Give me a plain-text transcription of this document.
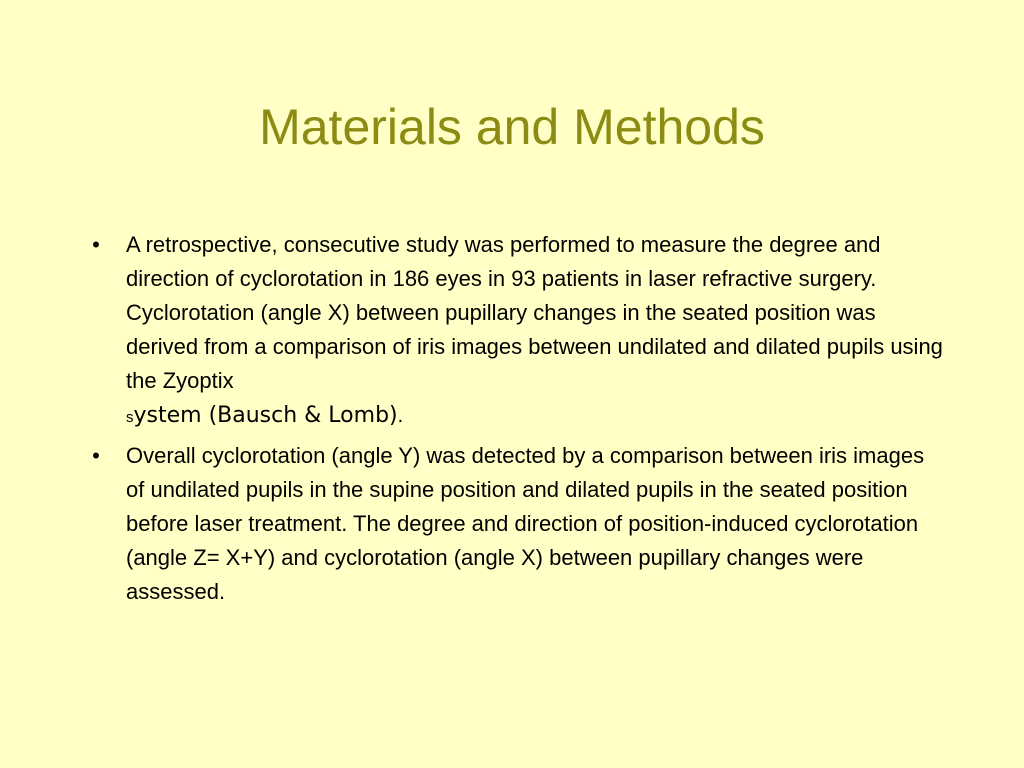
Materials and Methods
• A retrospective, consecutive study was performed to measure the degree and direction of cyclorotation in 186 eyes in 93 patients in laser refractive surgery. Cyclorotation (angle X) between pupillary changes in the seated position was derived from a comparison of iris images between undilated and dilated pupils using the Zyoptix
system (Bausch & Lomb).
• Overall cyclorotation (angle Y) was detected by a comparison between iris images of undilated pupils in the supine position and dilated pupils in the seated position before laser treatment. The degree and direction of position-induced cyclorotation (angle Z= X+Y) and cyclorotation (angle X) between pupillary changes were assessed.
